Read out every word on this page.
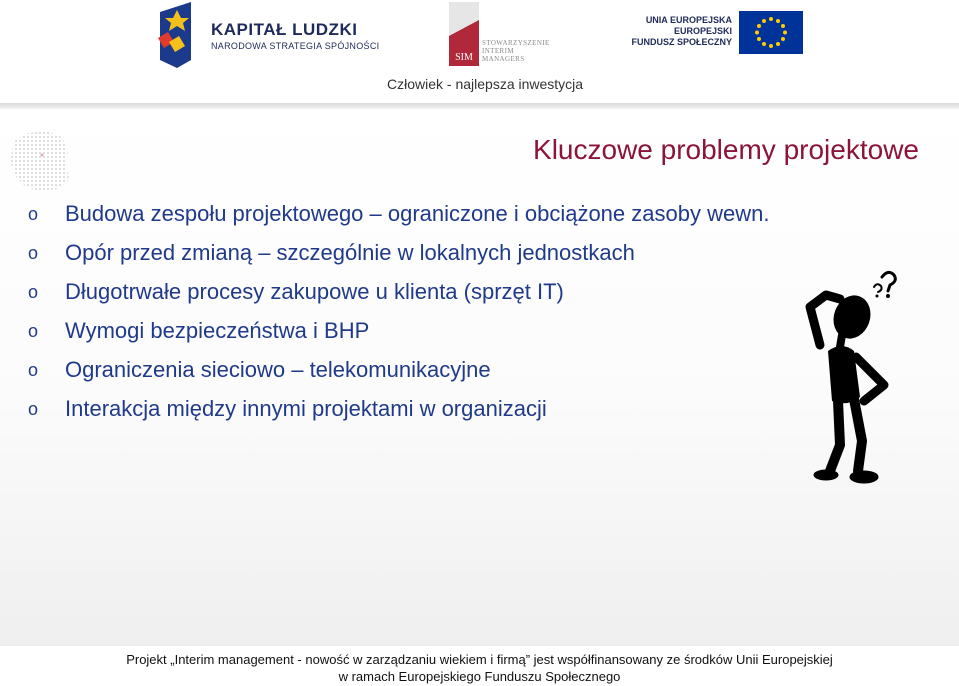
KAPITAŁ LUDZKI
NARODOWA STRATEGIA SPÓJNOŚCI
SIM
STOWARZYSZENIE
INTERIM
MANAGERS
UNIA EUROPEJSKA
EUROPEJSKI
FUNDUSZ SPOŁECZNY
Człowiek - najlepsza inwestycja
Kluczowe problemy projektowe
o Budowa zespołu projektowego – ograniczone i obciążone zasoby wewn.
o Opór przed zmianą – szczególnie w lokalnych jednostkach
o Długotrwałe procesy zakupowe u klienta (sprzęt IT)
o Wymogi bezpieczeństwa i BHP
o Ograniczenia sieciowo – telekomunikacyjne
o Interakcja między innymi projektami w organizacji
Projekt „Interim management - nowość w zarządzaniu wiekiem i firmą” jest współfinansowany ze środków Unii Europejskiej
w ramach Europejskiego Funduszu Społecznego
